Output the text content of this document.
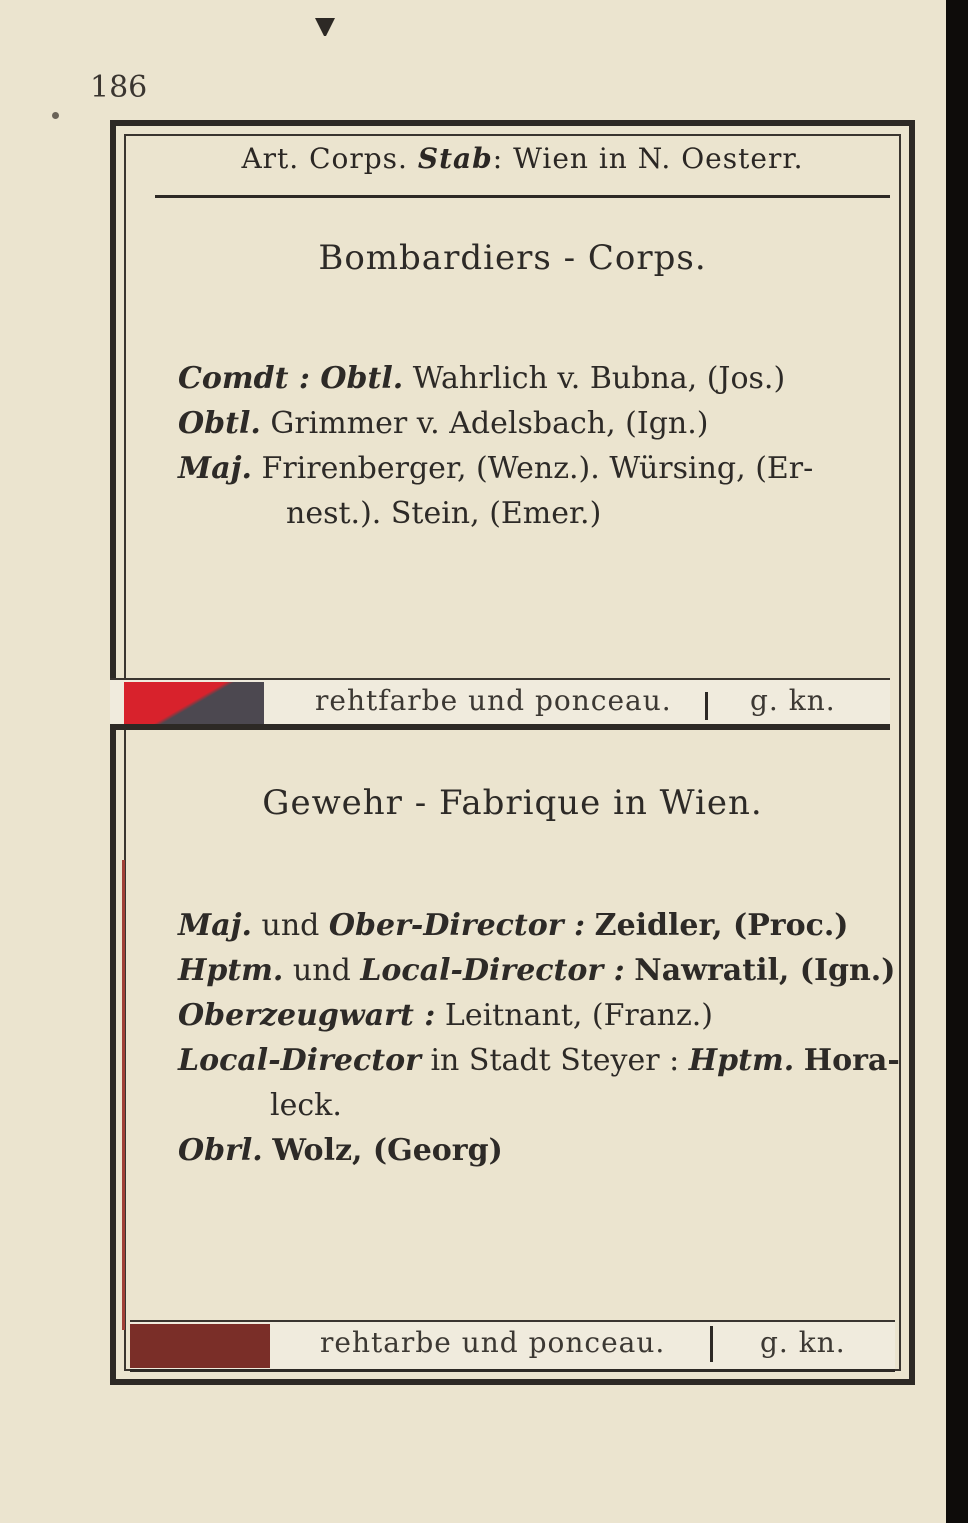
186
Art. Corps. Stab: Wien in N. Oesterr.
Bombardiers - Corps.
Comdt : Obtl. Wahrlich v. Bubna, (Jos.)
Obtl. Grimmer v. Adelsbach, (Ign.)
Maj. Frirenberger, (Wenz.). Würsing, (Er-
nest.). Stein, (Emer.)
rehtfarbe und ponceau.	g. kn.
Gewehr - Fabrique in Wien.
Maj. und Ober-Director : Zeidler, (Proc.)
Hptm. und Local-Director : Nawratil, (Ign.)
Oberzeugwart : Leitnant, (Franz.)
Local-Director in Stadt Steyer : Hptm. Hora-
leck.
Obrl. Wolz, (Georg)
rehtarbe und ponceau.	g. kn.
